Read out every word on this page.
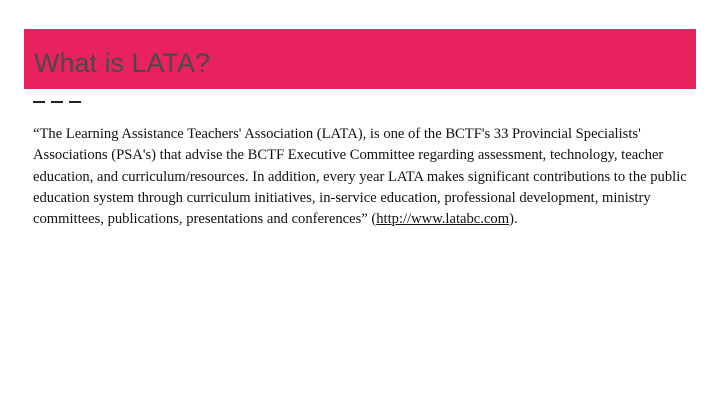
What is LATA?

“The Learning Assistance Teachers' Association (LATA), is one of the BCTF's 33 Provincial Specialists' Associations (PSA's) that advise the BCTF Executive Committee regarding assessment, technology, teacher education, and curriculum/resources. In addition, every year LATA makes significant contributions to the public education system through curriculum initiatives, in-service education, professional development, ministry committees, publications, presentations and conferences” (http://www.latabc.com).
